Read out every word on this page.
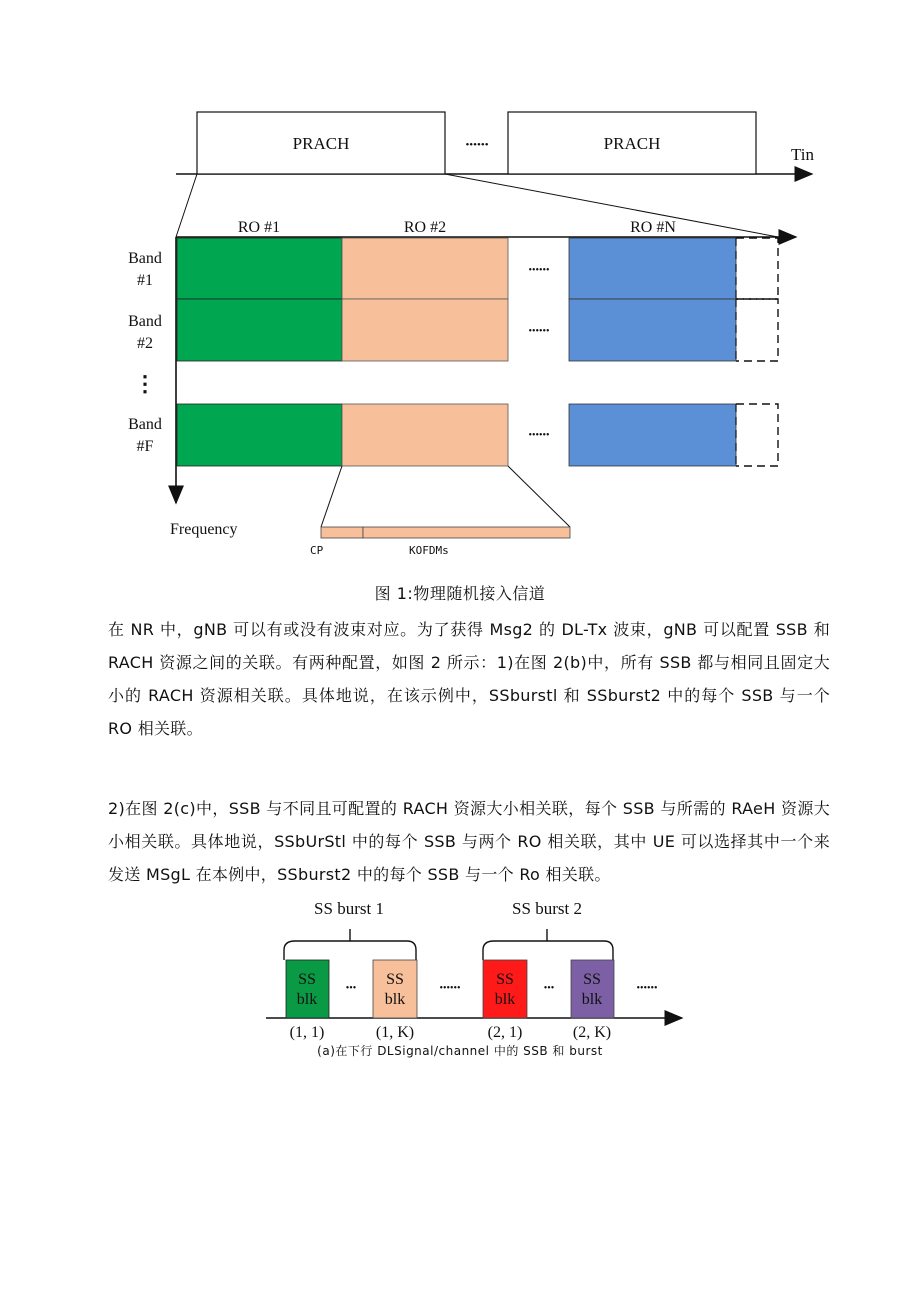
PRACH	••••••	PRACH
Tin
RO #1	RO #2	RO #N
Band
#1
Band
#2
⋮
Band
#F
••••••
••••••
••••••
Frequency
CP	KOFDMs
图 1:物理随机接入信道
在 NR 中，gNB 可以有或没有波束对应。为了获得 Msg2 的 DL-Tx 波束，gNB 可以配置 SSB 和 RACH 资源之间的关联。有两种配置，如图 2 所示：1)在图 2(b)中，所有 SSB 都与相同且固定大小的 RACH 资源相关联。具体地说，在该示例中，SSburstl 和 SSburst2 中的每个 SSB 与一个 RO 相关联。
2)在图 2(c)中，SSB 与不同且可配置的 RACH 资源大小相关联，每个 SSB 与所需的 RAeH 资源大小相关联。具体地说，SSbUrStl 中的每个 SSB 与两个 RO 相关联，其中 UE 可以选择其中一个来发送 MSgL 在本例中，SSburst2 中的每个 SSB 与一个 Ro 相关联。
SS burst 1	SS burst 2
SS
blk
•••
SS
blk
••••••
SS
blk
•••
SS
blk
••••••
(1, 1)	(1, K)	(2, 1)	(2, K)
(a)在下行 DLSignal/channel 中的 SSB 和 burst
